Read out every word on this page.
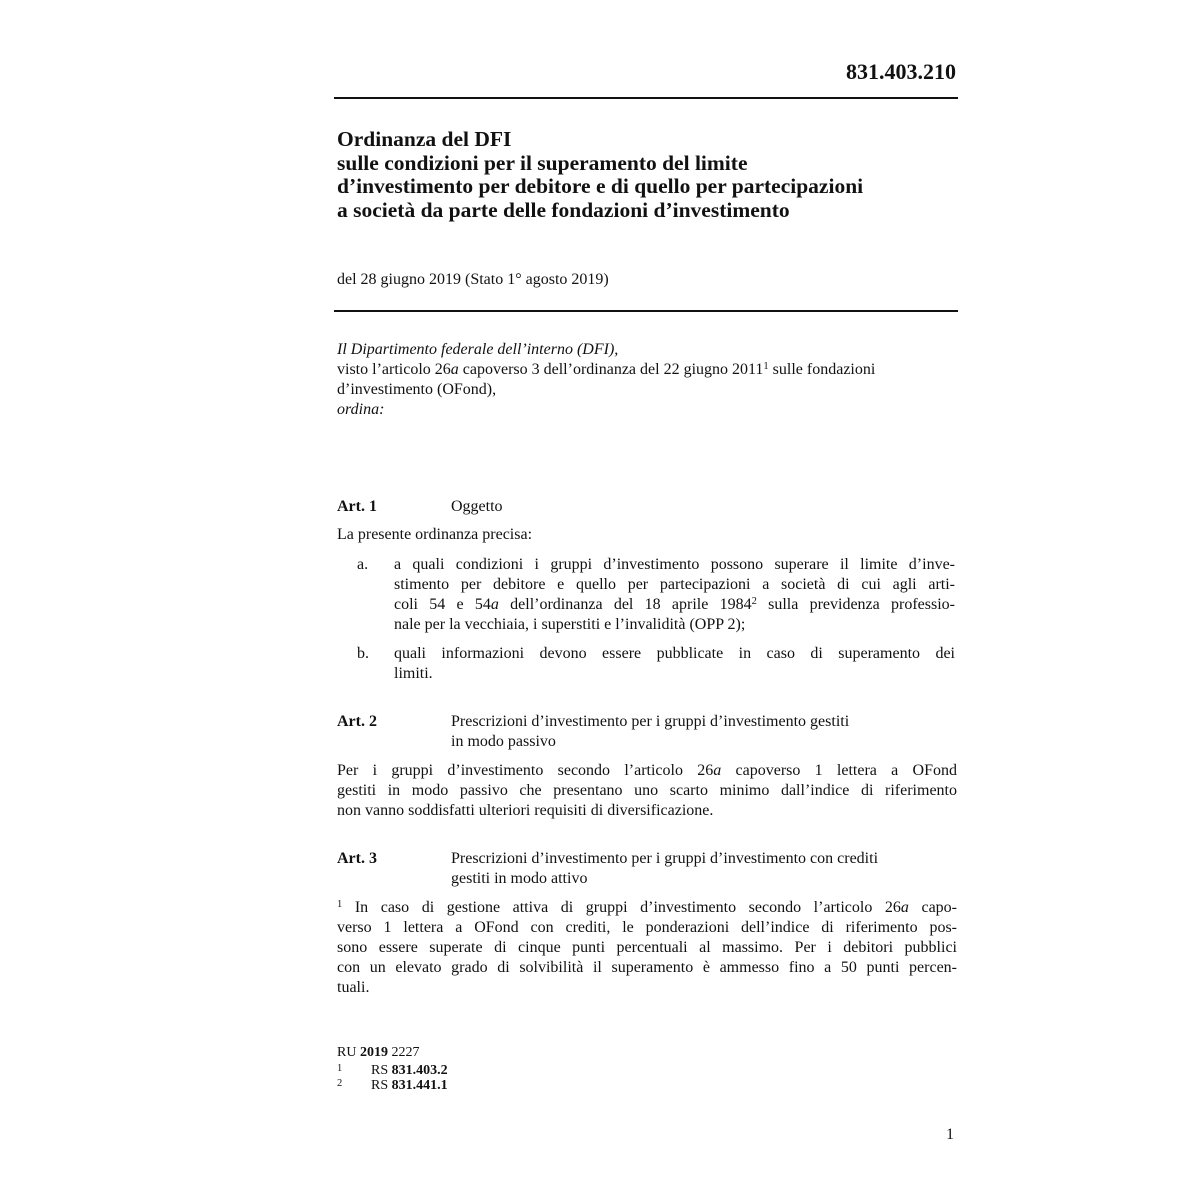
831.403.210
Ordinanza del DFI
sulle condizioni per il superamento del limite
d’investimento per debitore e di quello per partecipazioni
a società da parte delle fondazioni d’investimento
del 28 giugno 2019 (Stato 1° agosto 2019)
Il Dipartimento federale dell’interno (DFI),
visto l’articolo 26a capoverso 3 dell’ordinanza del 22 giugno 2011$^1$ sulle fondazioni
d’investimento (OFond),
ordina:
Art. 1	Oggetto
La presente ordinanza precisa:
a. a quali condizioni i gruppi d’investimento possono superare il limite d’inve-
stimento per debitore e quello per partecipazioni a società di cui agli arti-
coli 54 e 54a dell’ordinanza del 18 aprile 1984$^2$ sulla previdenza professio-
nale per la vecchiaia, i superstiti e l’invalidità (OPP 2);
b. quali informazioni devono essere pubblicate in caso di superamento dei
limiti.
Art. 2	Prescrizioni d’investimento per i gruppi d’investimento gestiti
in modo passivo
Per i gruppi d’investimento secondo l’articolo 26a capoverso 1 lettera a OFond
gestiti in modo passivo che presentano uno scarto minimo dall’indice di riferimento
non vanno soddisfatti ulteriori requisiti di diversificazione.
Art. 3	Prescrizioni d’investimento per i gruppi d’investimento con crediti
gestiti in modo attivo
$^1$ In caso di gestione attiva di gruppi d’investimento secondo l’articolo 26a capo-
verso 1 lettera a OFond con crediti, le ponderazioni dell’indice di riferimento pos-
sono essere superate di cinque punti percentuali al massimo. Per i debitori pubblici
con un elevato grado di solvibilità il superamento è ammesso fino a 50 punti percen-
tuali.
RU 2019 2227
1 RS 831.403.2
2 RS 831.441.1
1
